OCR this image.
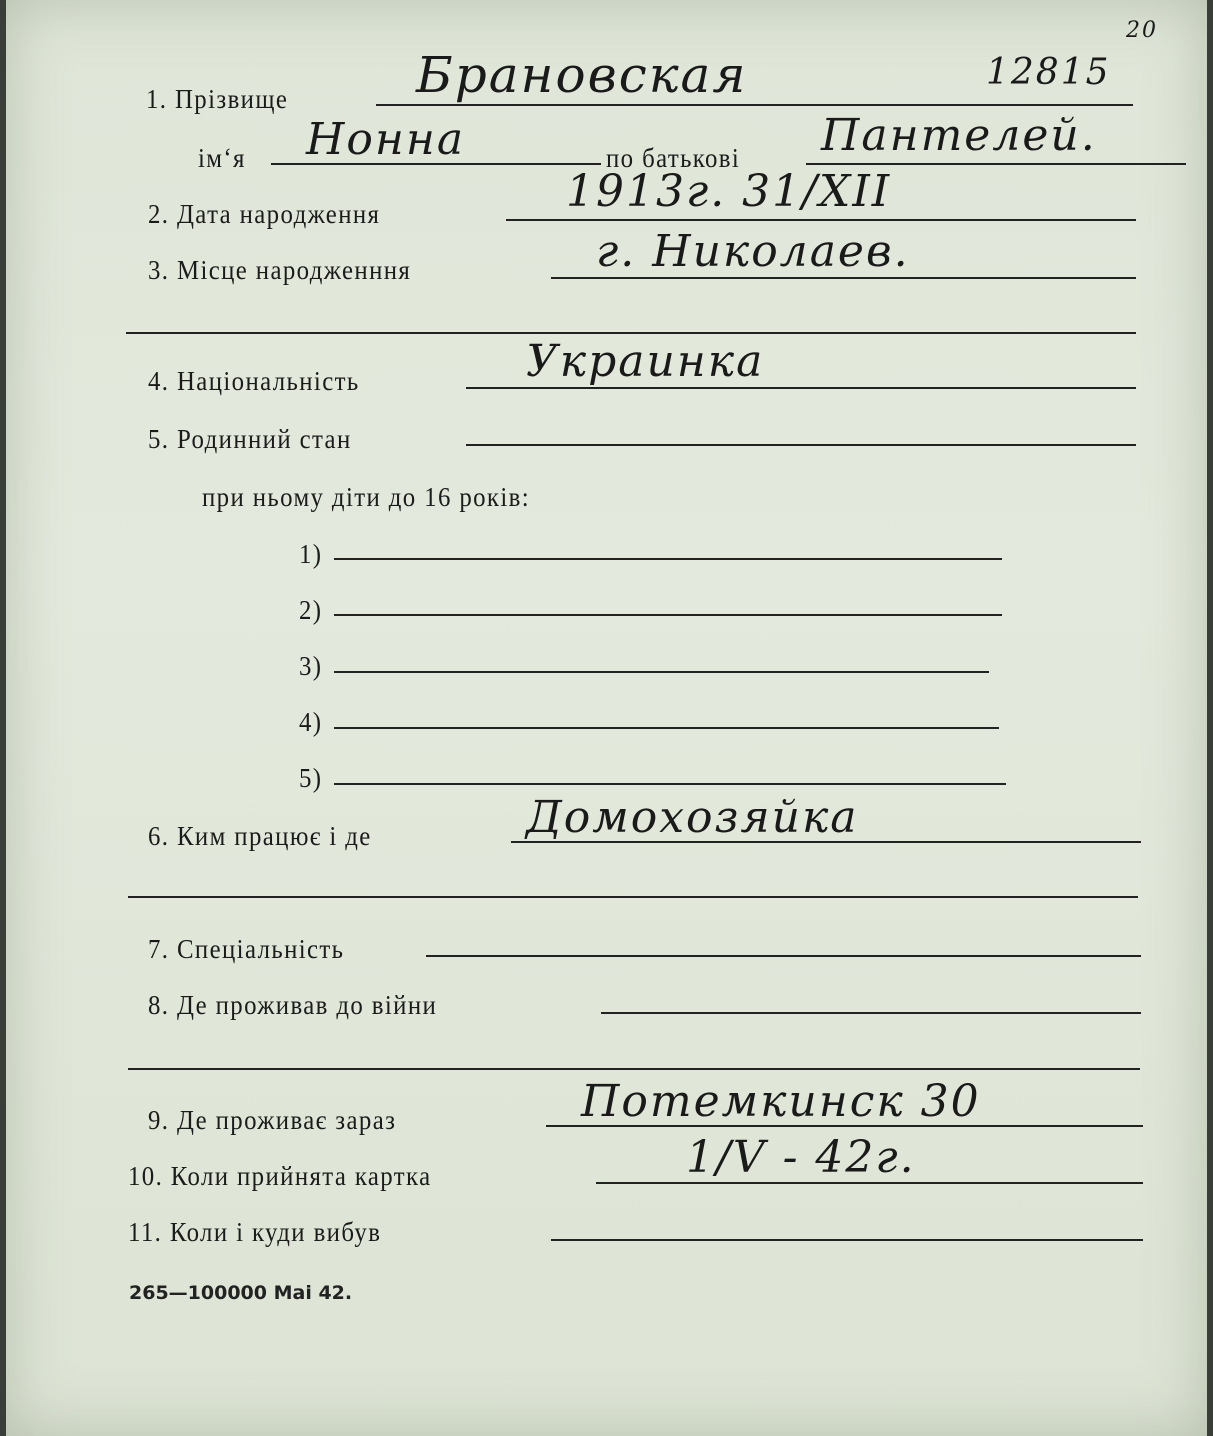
1. Прізвище	Брановская	12815
20
ім‘я Нонна	по батькові Пантелей.
2. Дата народження	1913г. 31/XII
3. Місце народженння	г. Николаев.
4. Національність	Украинка
5. Родинний стан
при ньому діти до 16 років:
1)
2)
3)
4)
5)
6. Ким працює і де	Домохозяйка
7. Спеціальність
8. Де проживав до війни
9. Де проживає зараз	Потемкинск 30
10. Коли прийнята картка	1/V - 42г.
11. Коли і куди вибув
265—100000 Mai 42.
